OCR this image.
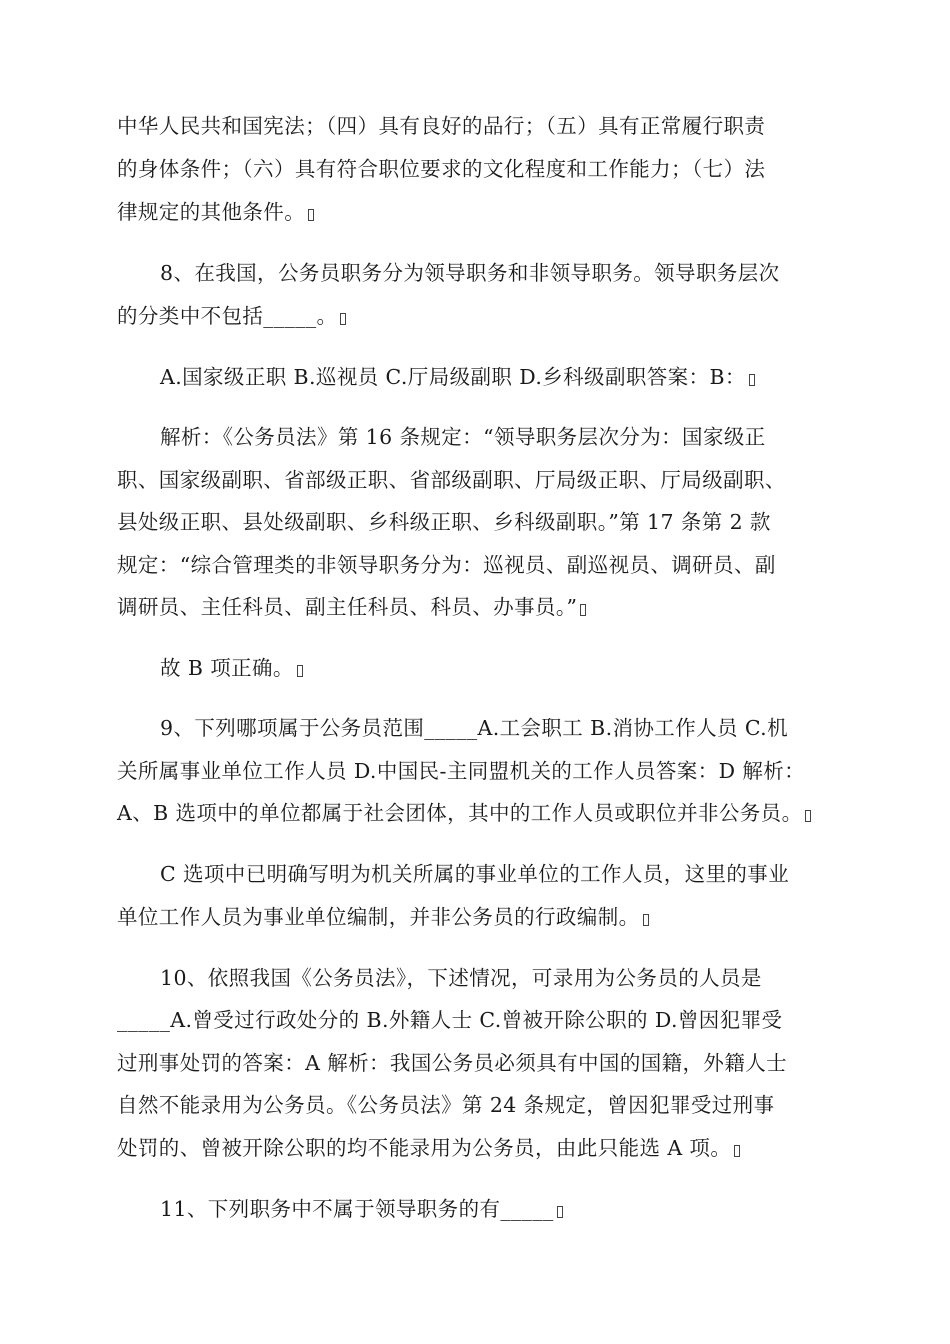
中华人民共和国宪法；（四）具有良好的品行；（五）具有正常履行职责
的身体条件；（六）具有符合职位要求的文化程度和工作能力；（七）法
律规定的其他条件。
8、在我国，公务员职务分为领导职务和非领导职务。领导职务层次
的分类中不包括_____。
A.国家级正职 B.巡视员 C.厅局级副职 D.乡科级副职答案：B：
解析：《公务员法》第 16 条规定：“领导职务层次分为：国家级正
职、国家级副职、省部级正职、省部级副职、厅局级正职、厅局级副职、
县处级正职、县处级副职、乡科级正职、乡科级副职。”第 17 条第 2 款
规定：“综合管理类的非领导职务分为：巡视员、副巡视员、调研员、副
调研员、主任科员、副主任科员、科员、办事员。”
故 B 项正确。
9、下列哪项属于公务员范围_____A.工会职工 B.消协工作人员 C.机
关所属事业单位工作人员 D.中国民-主同盟机关的工作人员答案：D 解析：
A、B 选项中的单位都属于社会团体，其中的工作人员或职位并非公务员。
C 选项中已明确写明为机关所属的事业单位的工作人员，这里的事业
单位工作人员为事业单位编制，并非公务员的行政编制。
10、依照我国《公务员法》，下述情况，可录用为公务员的人员是
_____A.曾受过行政处分的 B.外籍人士 C.曾被开除公职的 D.曾因犯罪受
过刑事处罚的答案：A 解析：我国公务员必须具有中国的国籍，外籍人士
自然不能录用为公务员。《公务员法》第 24 条规定，曾因犯罪受过刑事
处罚的、曾被开除公职的均不能录用为公务员，由此只能选 A 项。
11、下列职务中不属于领导职务的有_____
